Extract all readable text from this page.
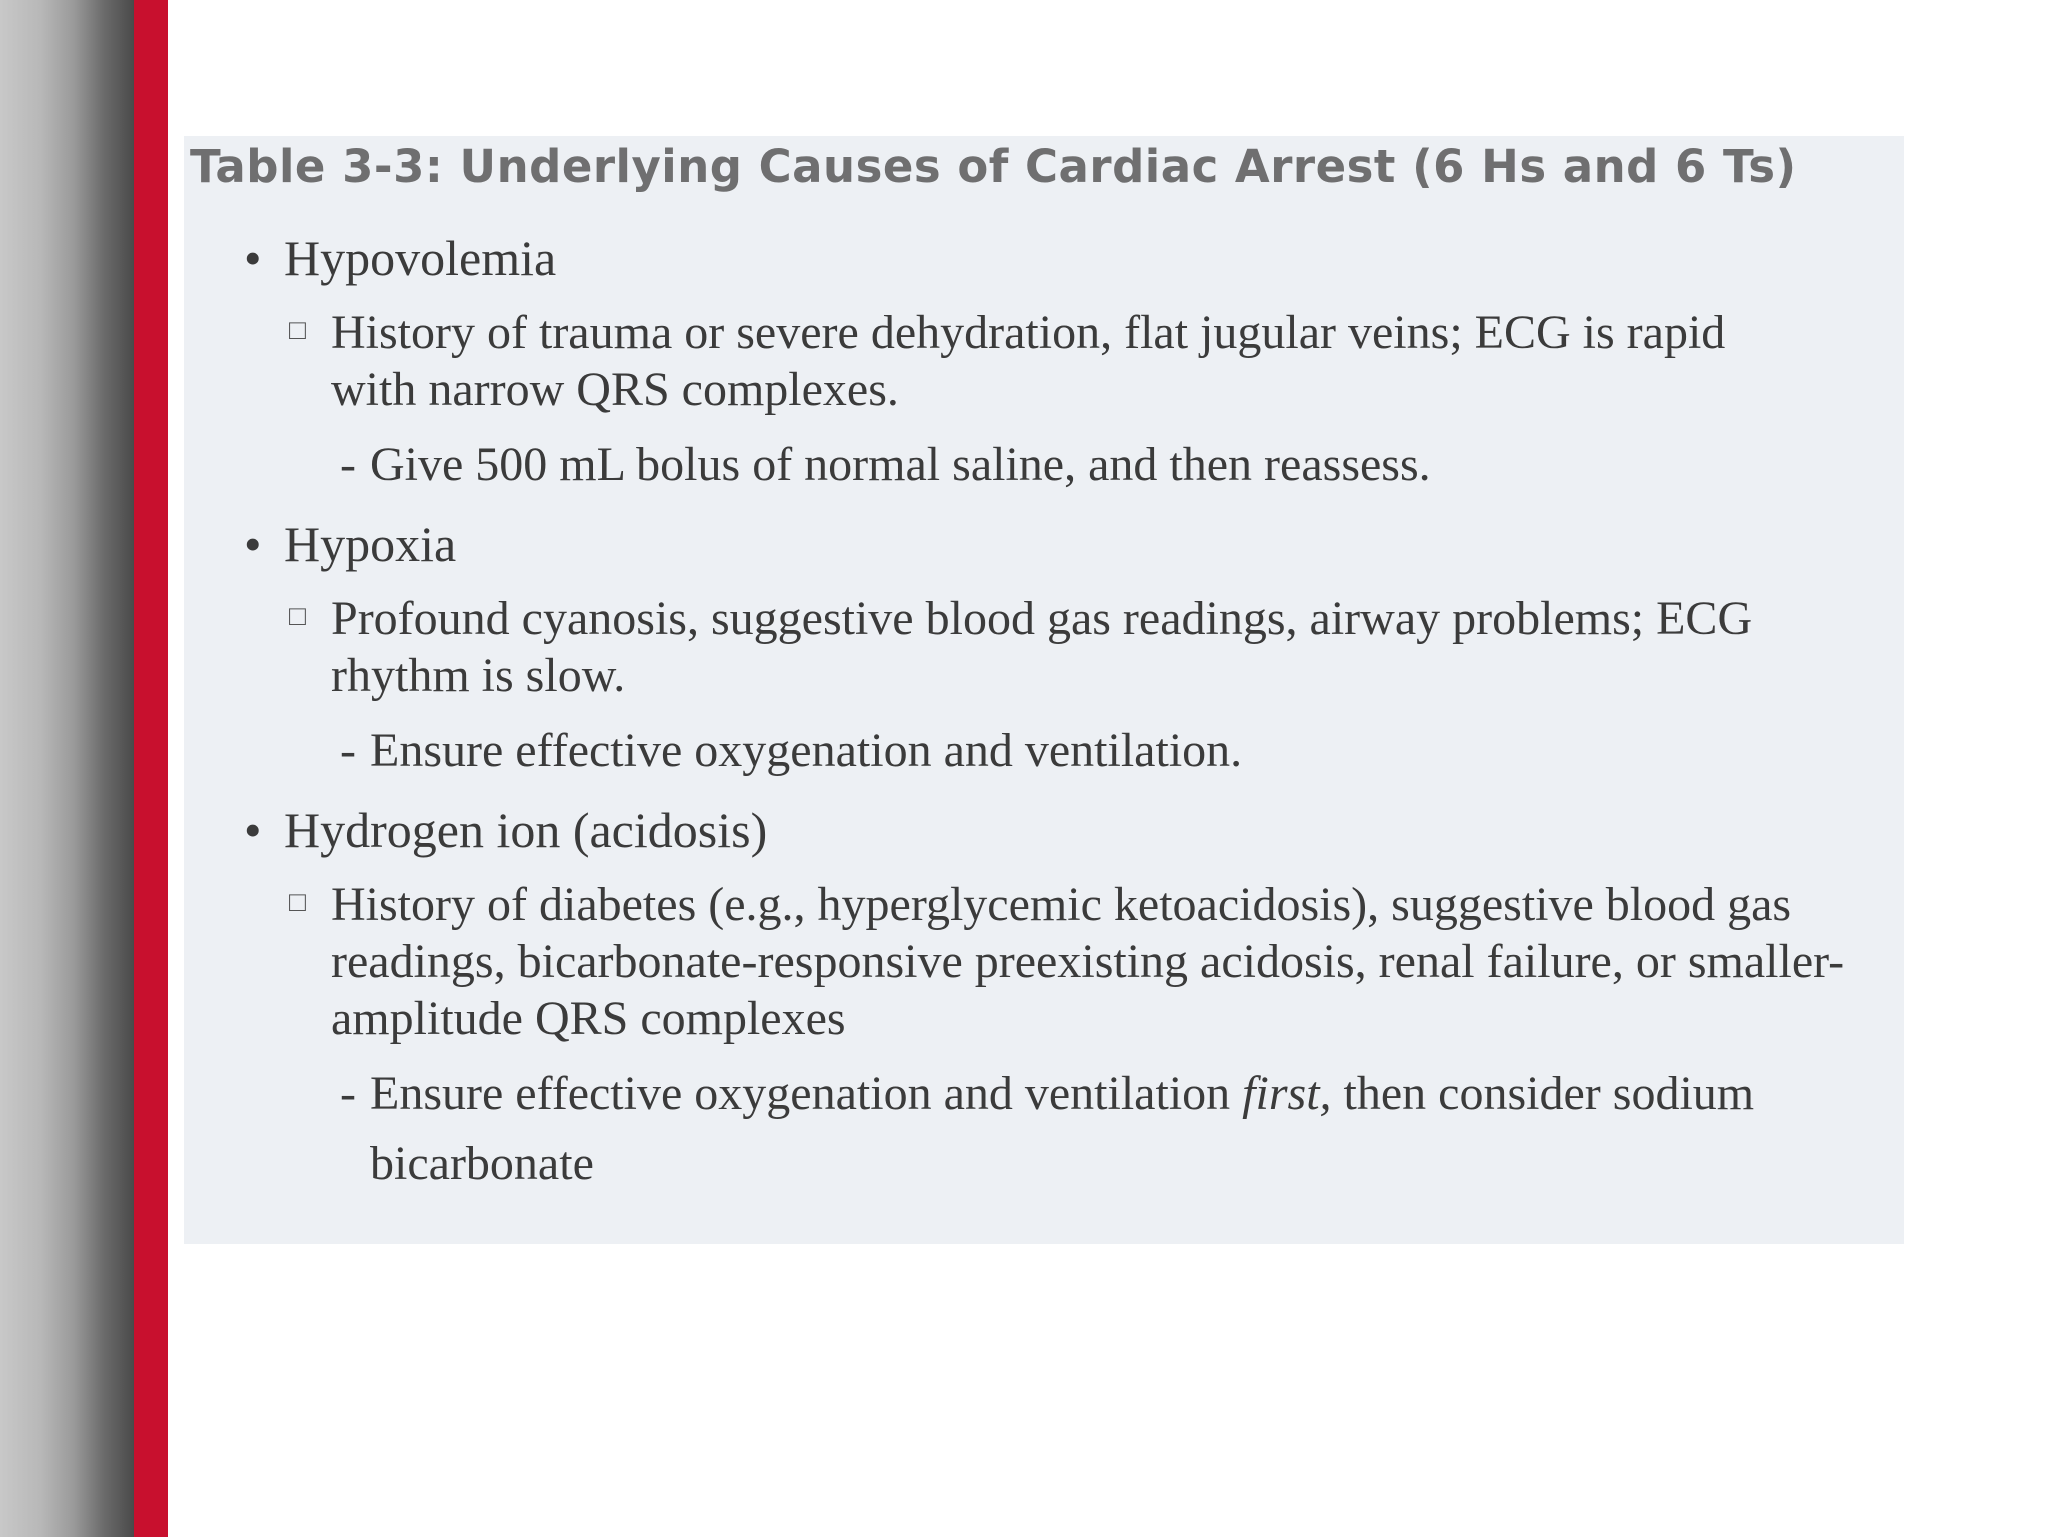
Table 3-3: Underlying Causes of Cardiac Arrest (6 Hs and 6 Ts)
• Hypovolemia
□ History of trauma or severe dehydration, flat jugular veins; ECG is rapid with narrow QRS complexes.
- Give 500 mL bolus of normal saline, and then reassess.
• Hypoxia
□ Profound cyanosis, suggestive blood gas readings, airway problems; ECG rhythm is slow.
- Ensure effective oxygenation and ventilation.
• Hydrogen ion (acidosis)
□ History of diabetes (e.g., hyperglycemic ketoacidosis), suggestive blood gas readings, bicarbonate-responsive preexisting acidosis, renal failure, or smaller-amplitude QRS complexes
- Ensure effective oxygenation and ventilation first, then consider sodium bicarbonate
